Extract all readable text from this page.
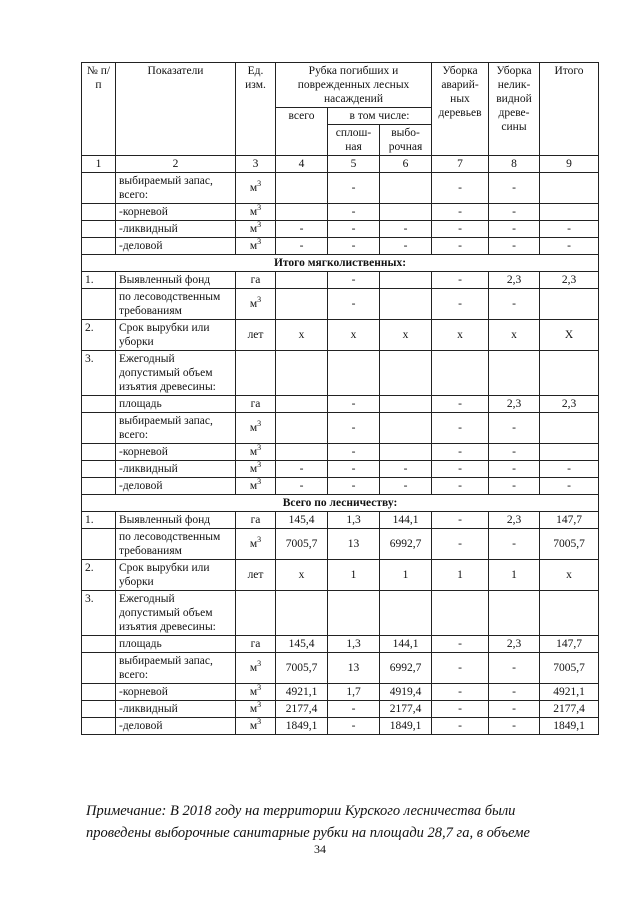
№ п/п	Показатели	Ед. изм.	Рубка погибших и поврежденных лесных насаждений			Уборка аварий-ных деревьев	Уборка нелик-видной древе-сины	Итого
			всего	в том числе:				
				сплош-ная	выбо-рочная			
1	2	3	4	5	6	7	8	9
	выбираемый запас, всего:	$м^3$		-		-	-	
	-корневой	$м^3$		-		-	-	
	-ликвидный	$м^3$	-	-	-	-	-	-
	-деловой	$м^3$	-	-	-	-	-	-
Итого мягколиственных:								
1.	Выявленный фонд	га		-		-	2,3	2,3
	по лесоводственным требованиям	$м^3$		-		-	-	
2.	Срок вырубки или уборки	лет	х	х	х	х	х	Х
3.	Ежегодный допустимый объем изъятия древесины:							
	площадь	га		-		-	2,3	2,3
	выбираемый запас, всего:	$м^3$		-		-	-	
	-корневой	$м^3$		-		-	-	
	-ликвидный	$м^3$	-	-	-	-	-	-
	-деловой	$м^3$	-	-	-	-	-	-
Всего по лесничеству:								
1.	Выявленный фонд	га	145,4	1,3	144,1	-	2,3	147,7
	по лесоводственным требованиям	$м^3$	7005,7	13	6992,7	-	-	7005,7
2.	Срок вырубки или уборки	лет	х	1	1	1	1	х
3.	Ежегодный допустимый объем изъятия древесины:							
	площадь	га	145,4	1,3	144,1	-	2,3	147,7
	выбираемый запас, всего:	$м^3$	7005,7	13	6992,7	-	-	7005,7
	-корневой	$м^3$	4921,1	1,7	4919,4	-	-	4921,1
	-ликвидный	$м^3$	2177,4	-	2177,4	-	-	2177,4
	-деловой	$м^3$	1849,1	-	1849,1	-	-	1849,1
Примечание: В 2018 году на территории Курского лесничества были
проведены выборочные санитарные рубки на площади 28,7 га, в объеме
34
